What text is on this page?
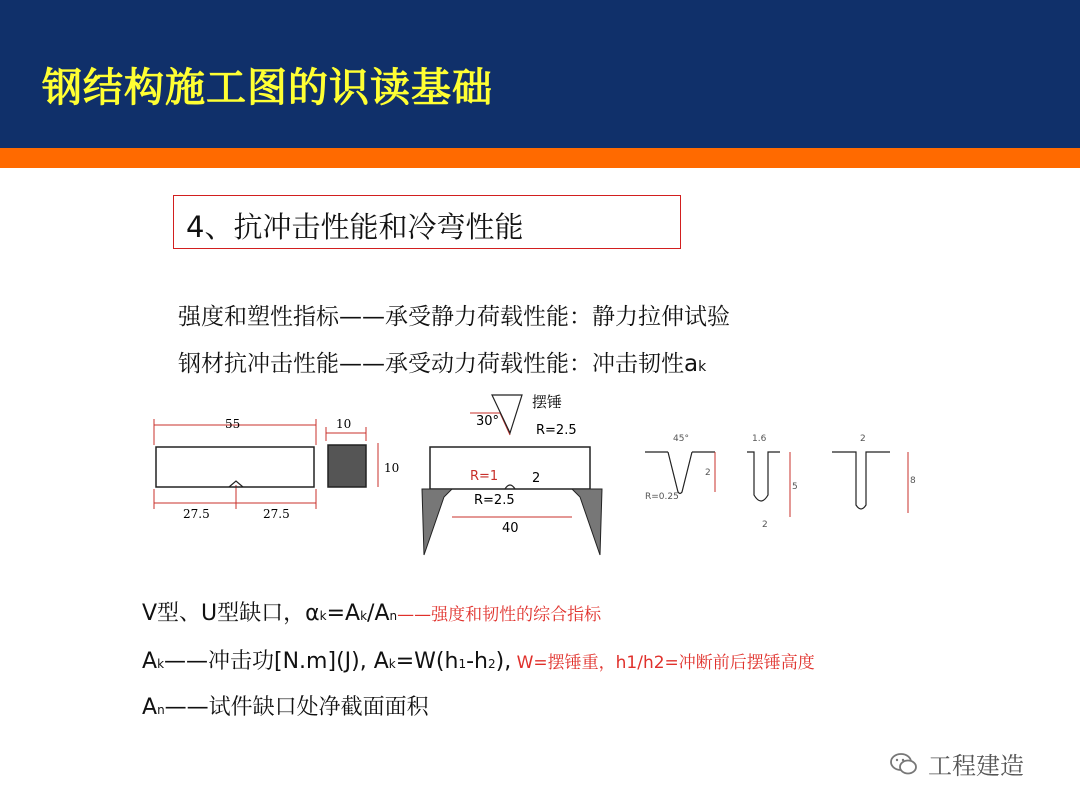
钢结构施工图的识读基础
4、抗冲击性能和冷弯性能
强度和塑性指标——承受静力荷载性能：静力拉伸试验
钢材抗冲击性能——承受动力荷载性能：冲击韧性ak
55
27.5	27.5
10
10
30°
摆锤
R=2.5
R=1	2
R=2.5
40
45°
2
R=0.25
1.6
5
2
2
8
V型、U型缺口，αk=Ak/An——强度和韧性的综合指标
Ak——冲击功[N.m](J), Ak=W(h1-h2), W=摆锤重，h1/h2=冲断前后摆锤高度
An——试件缺口处净截面面积
工程建造
